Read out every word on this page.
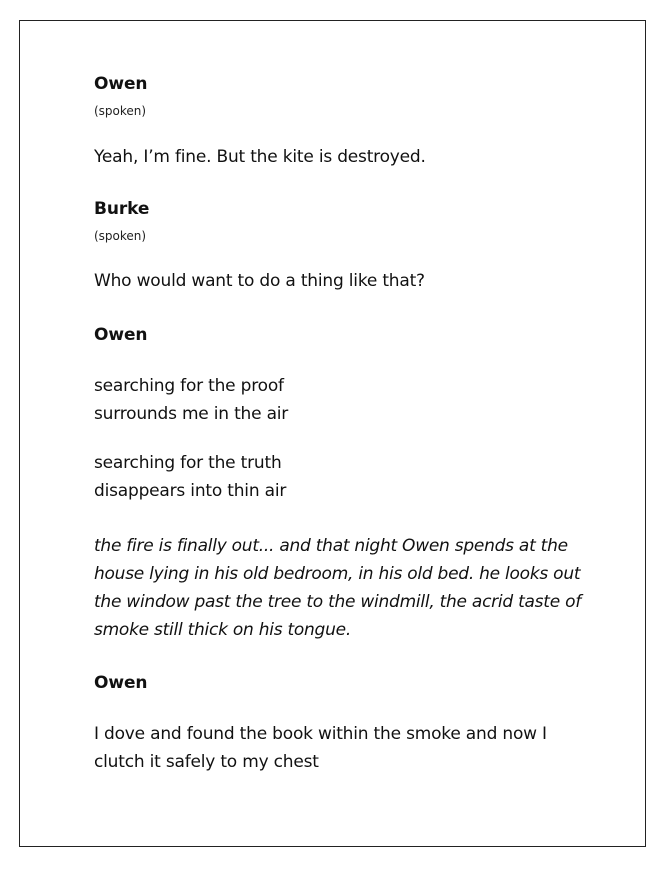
Owen
(spoken)
Yeah, I’m fine. But the kite is destroyed.
Burke
(spoken)
Who would want to do a thing like that?
Owen
searching for the proof
surrounds me in the air
searching for the truth
disappears into thin air
the fire is finally out... and that night Owen spends at the
house lying in his old bedroom, in his old bed. he looks out
the window past the tree to the windmill, the acrid taste of
smoke still thick on his tongue.
Owen
I dove and found the book within the smoke and now I
clutch it safely to my chest
